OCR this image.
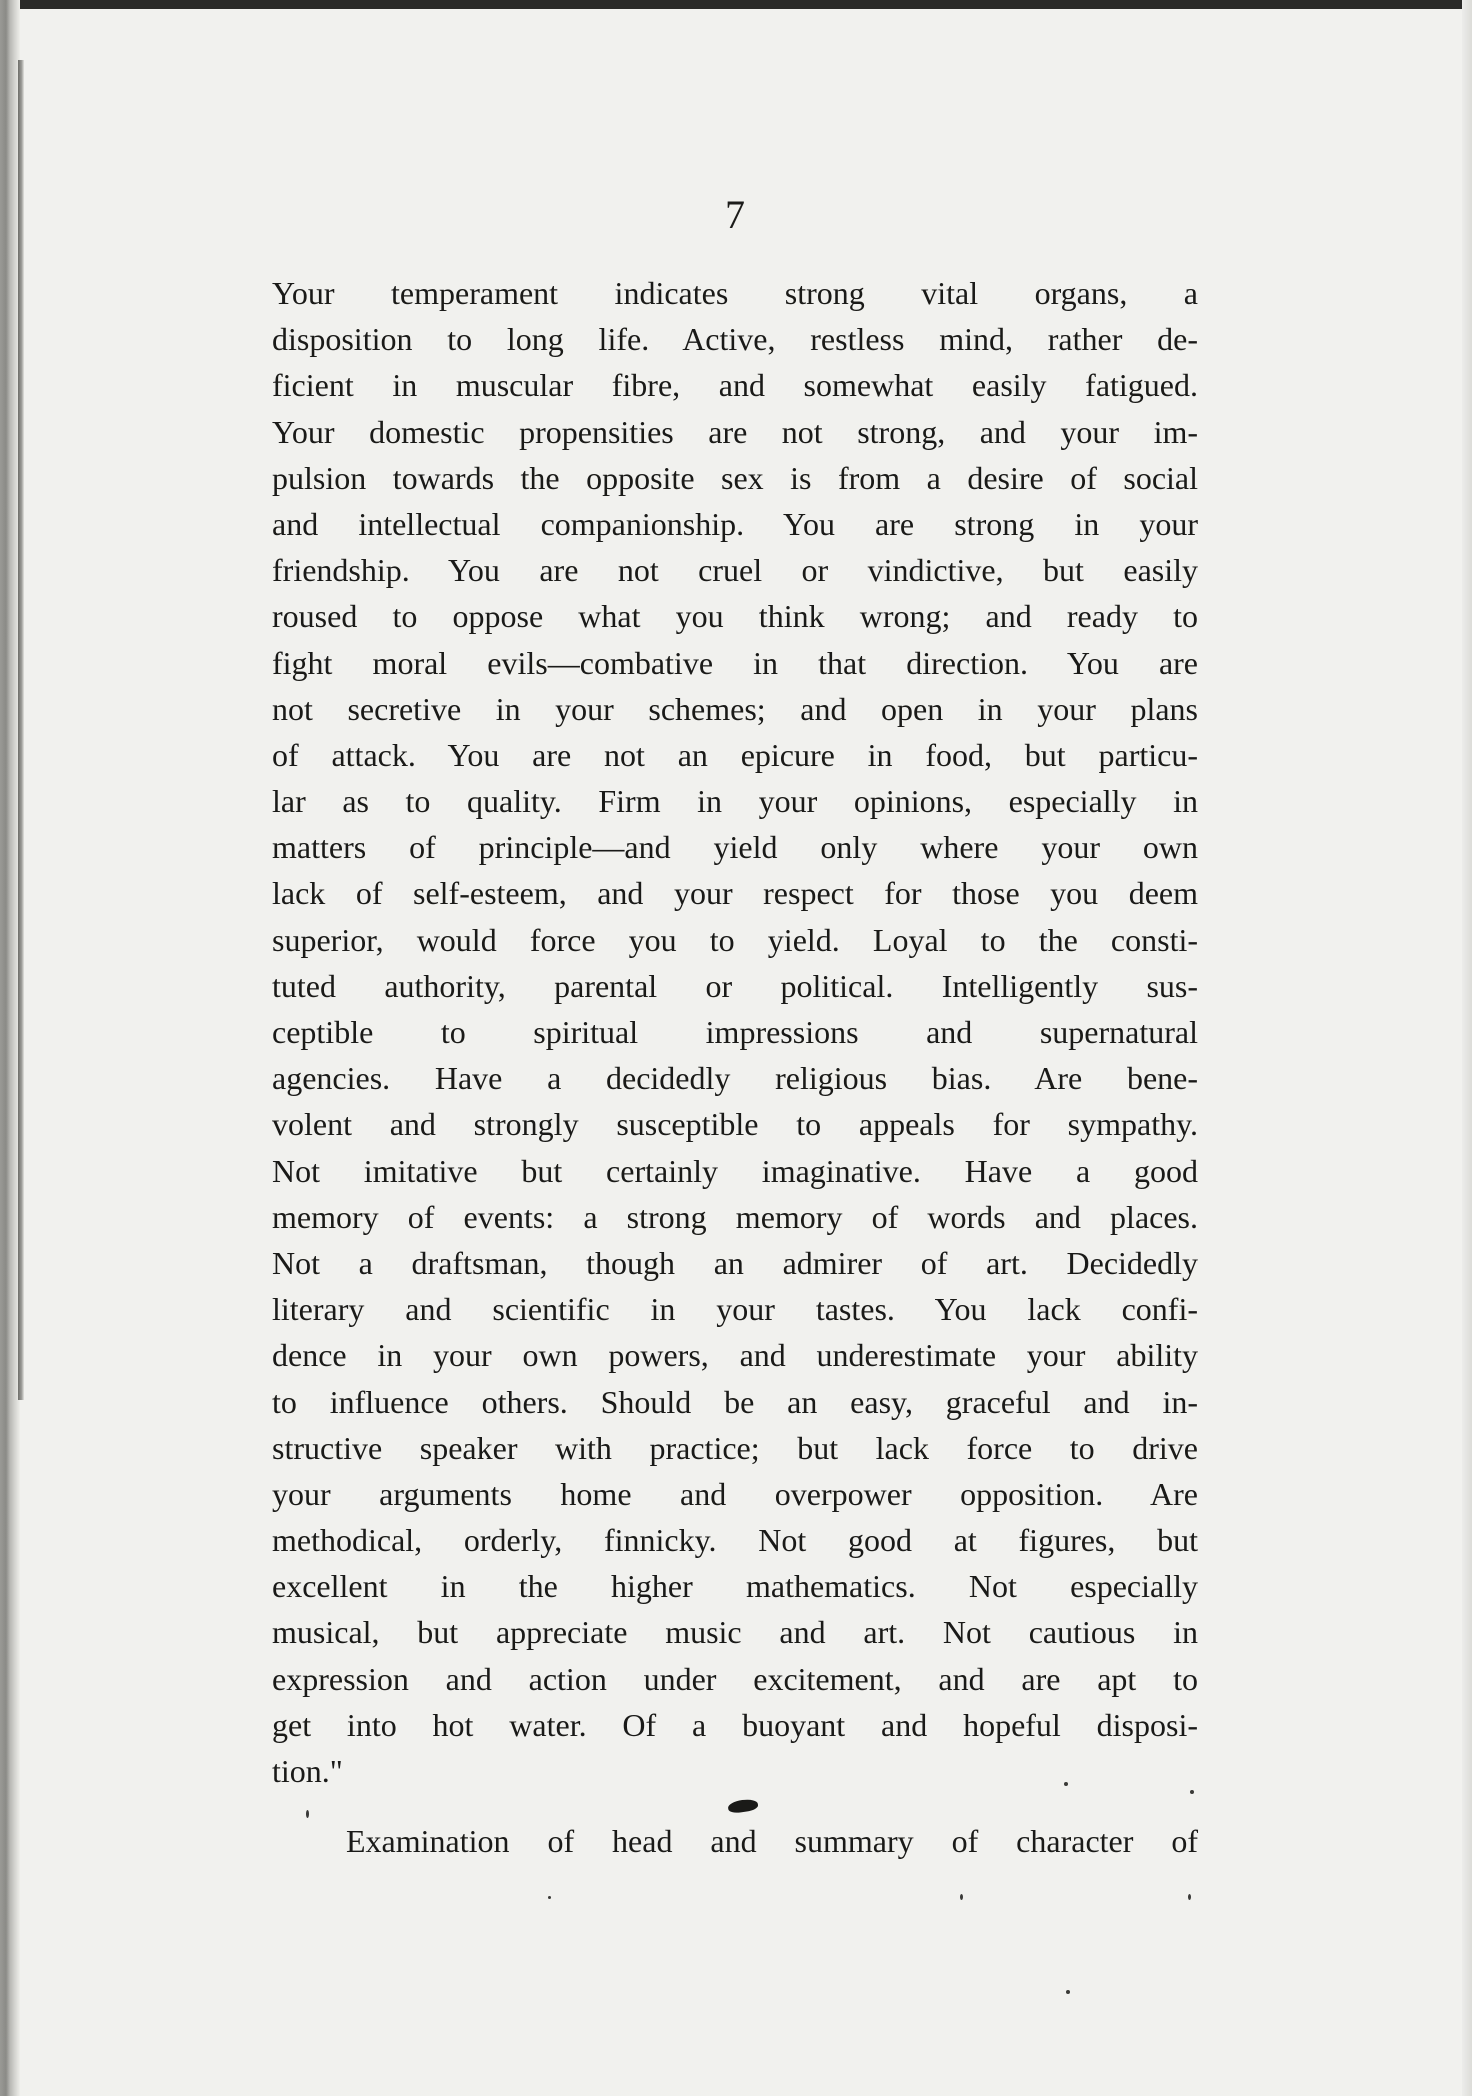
7
Your temperament indicates strong vital organs, a
disposition to long life. Active, restless mind, rather de-
ficient in muscular fibre, and somewhat easily fatigued.
Your domestic propensities are not strong, and your im-
pulsion towards the opposite sex is from a desire of social
and intellectual companionship. You are strong in your
friendship. You are not cruel or vindictive, but easily
roused to oppose what you think wrong; and ready to
fight moral evils—combative in that direction. You are
not secretive in your schemes; and open in your plans
of attack. You are not an epicure in food, but particu-
lar as to quality. Firm in your opinions, especially in
matters of principle—and yield only where your own
lack of self-esteem, and your respect for those you deem
superior, would force you to yield. Loyal to the consti-
tuted authority, parental or political. Intelligently sus-
ceptible to spiritual impressions and supernatural
agencies. Have a decidedly religious bias. Are bene-
volent and strongly susceptible to appeals for sympathy.
Not imitative but certainly imaginative. Have a good
memory of events: a strong memory of words and places.
Not a draftsman, though an admirer of art. Decidedly
literary and scientific in your tastes. You lack confi-
dence in your own powers, and underestimate your ability
to influence others. Should be an easy, graceful and in-
structive speaker with practice; but lack force to drive
your arguments home and overpower opposition. Are
methodical, orderly, finnicky. Not good at figures, but
excellent in the higher mathematics. Not especially
musical, but appreciate music and art. Not cautious in
expression and action under excitement, and are apt to
get into hot water. Of a buoyant and hopeful disposi-
tion."
Examination of head and summary of character of
